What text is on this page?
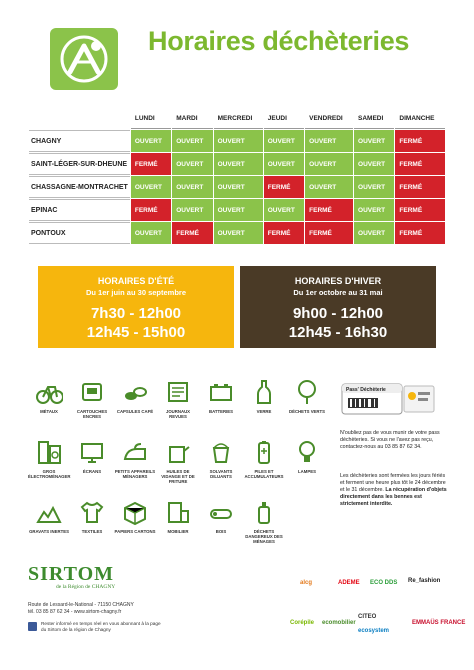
Horaires déchèteries
	LUNDI	MARDI	MERCREDI	JEUDI	VENDREDI	SAMEDI	DIMANCHE
CHAGNY	OUVERT	OUVERT	OUVERT	OUVERT	OUVERT	OUVERT	FERMÉ
SAINT-LÉGER-SUR-DHEUNE	FERMÉ	OUVERT	OUVERT	OUVERT	OUVERT	OUVERT	FERMÉ
CHASSAGNE-MONTRACHET	OUVERT	OUVERT	OUVERT	FERMÉ	OUVERT	OUVERT	FERMÉ
EPINAC	FERMÉ	OUVERT	OUVERT	OUVERT	FERMÉ	OUVERT	FERMÉ
PONTOUX	OUVERT	FERMÉ	OUVERT	FERMÉ	FERMÉ	OUVERT	FERMÉ
HORAIRES D'ÉTÉ
Du 1er juin au 30 septembre
7h30 - 12h00
12h45 - 15h00
HORAIRES D'HIVER
Du 1er octobre au 31 mai
9h00 - 12h00
12h45 - 16h30
MÉTAUX	CARTOUCHES ENCRES
CAPSULES CAFÉ	JOURNAUX REVUES
BATTERIES	VERRE	DÉCHETS VERTS
GROS ÉLECTROMÉNAGER
ÉCRANS	PETITS APPAREILS MÉNAGERS
HUILES DE VIDANGE ET DE FRITURE
SOLVANTS DILUANTS
PILES ET ACCUMULATEURS
LAMPES
GRAVATS INERTES	TEXTILES	PAPIERS CARTONS	MOBILIER	BOIS	DÉCHETS DANGEREUX DES MÉNAGES
Pass' Déchèterie
N'oubliez pas de vous munir de votre pass déchèteries. Si vous ne l'avez pas reçu, contactez-nous au 03 85 87 62 34.
Les déchèteries sont fermées les jours fériés et ferment une heure plus tôt le 24 décembre et le 31 décembre. La récupération d'objets directement dans les bennes est strictement interdite.
SIRTOM
de la Région de CHAGNY
Route de Lessard-le-National - 71150 CHAGNY
tél. 03 85 87 62 34 - www.sirtom-chagny.fr
Rester informé en temps réel en vous abonnant à la page du Sirtom de la région de Chagny
alcg	ADEME ECO DDS Re_fashion
Corépile ecomobilier
CITEO
ecosystem
EMMAÜS FRANCE
